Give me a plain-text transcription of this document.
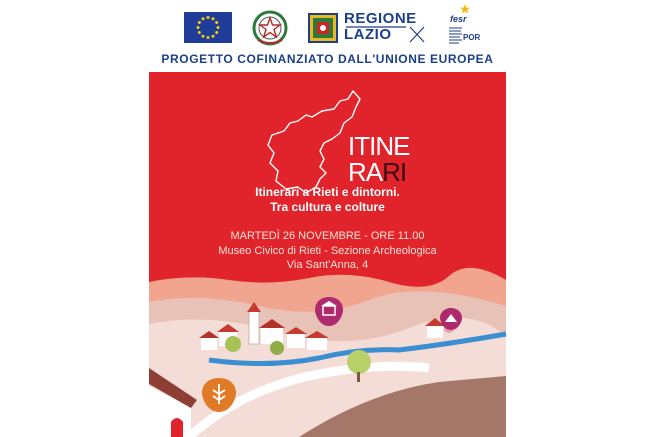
REGIONE
LAZIO
fesr
POR
PROGETTO COFINANZIATO DALL'UNIONE EUROPEA
ITINE
RARI
Itinerari a Rieti e dintorni.
Tra cultura e colture
MARTEDÌ 26 NOVEMBRE - ORE 11.00
Museo Civico di Rieti - Sezione Archeologica
Via Sant'Anna, 4
